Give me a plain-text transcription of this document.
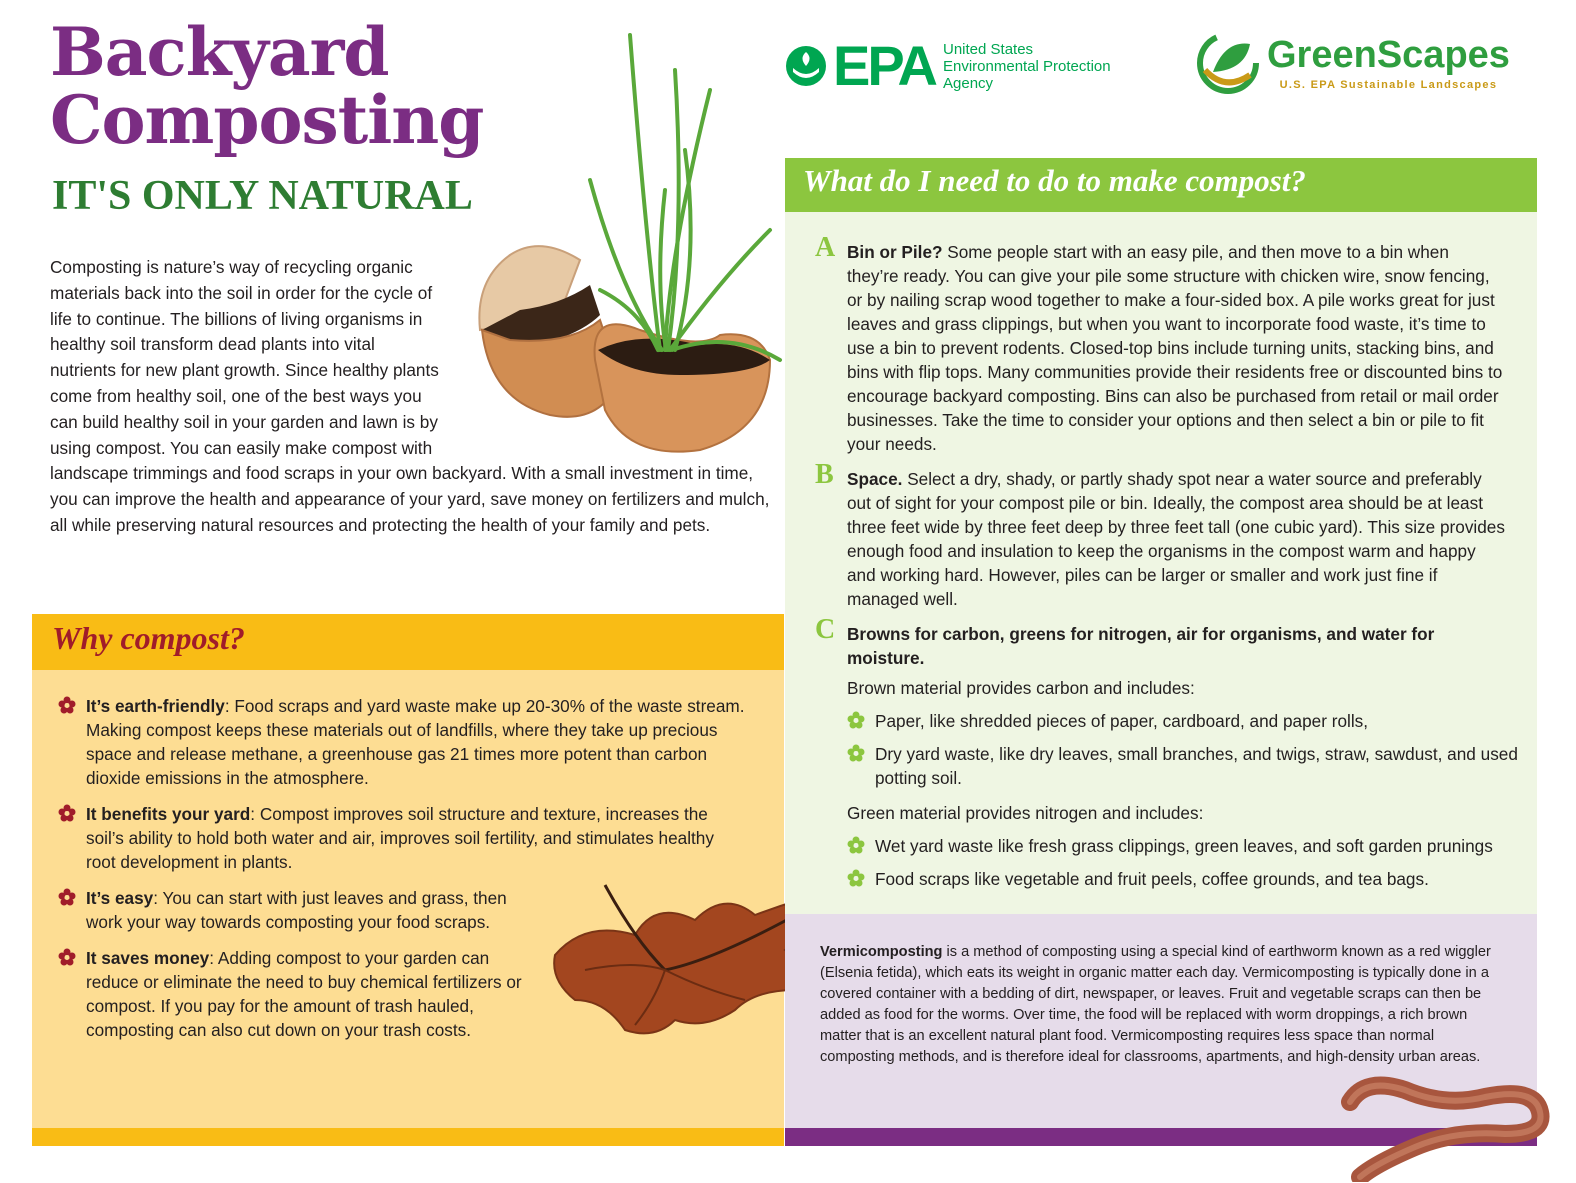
Backyard
Composting
IT'S ONLY NATURAL
EPA United States
Environmental Protection
Agency
GreenScapes
U.S. EPA Sustainable Landscapes

Composting is nature’s way of recycling organic materials back into the soil in order for the cycle of life to continue. The billions of living organisms in healthy soil transform dead plants into vital nutrients for new plant growth. Since healthy plants come from healthy soil, one of the best ways you can build healthy soil in your garden and lawn is by using compost. You can easily make compost with landscape trimmings and food scraps in your own backyard. With a small investment in time, you can improve the health and appearance of your yard, save money on fertilizers and mulch, all while preserving natural resources and protecting the health of your family and pets.

Why compost?
It’s earth-friendly: Food scraps and yard waste make up 20-30% of the waste stream. Making compost keeps these materials out of landfills, where they take up precious space and release methane, a greenhouse gas 21 times more potent than carbon dioxide emissions in the atmosphere.
It benefits your yard: Compost improves soil structure and texture, increases the soil’s ability to hold both water and air, improves soil fertility, and stimulates healthy root development in plants.
It’s easy: You can start with just leaves and grass, then work your way towards composting your food scraps.
It saves money: Adding compost to your garden can reduce or eliminate the need to buy chemical fertilizers or compost. If you pay for the amount of trash hauled, composting can also cut down on your trash costs.
What do I need to do to make compost?
A Bin or Pile? Some people start with an easy pile, and then move to a bin when they’re ready. You can give your pile some structure with chicken wire, snow fencing, or by nailing scrap wood together to make a four-sided box. A pile works great for just leaves and grass clippings, but when you want to incorporate food waste, it’s time to use a bin to prevent rodents. Closed-top bins include turning units, stacking bins, and bins with flip tops. Many communities provide their residents free or discounted bins to encourage backyard composting. Bins can also be purchased from retail or mail order businesses. Take the time to consider your options and then select a bin or pile to fit your needs.
B Space. Select a dry, shady, or partly shady spot near a water source and preferably out of sight for your compost pile or bin. Ideally, the compost area should be at least three feet wide by three feet deep by three feet tall (one cubic yard). This size provides enough food and insulation to keep the organisms in the compost warm and happy and working hard. However, piles can be larger or smaller and work just fine if managed well.
C Browns for carbon, greens for nitrogen, air for organisms, and water for moisture.

Brown material provides carbon and includes:

Paper, like shredded pieces of paper, cardboard, and paper rolls,
Dry yard waste, like dry leaves, small branches, and twigs, straw, sawdust, and used potting soil.

Green material provides nitrogen and includes:

Wet yard waste like fresh grass clippings, green leaves, and soft garden prunings
Food scraps like vegetable and fruit peels, coffee grounds, and tea bags.

Vermicomposting is a method of composting using a special kind of earthworm known as a red wiggler (Elsenia fetida), which eats its weight in organic matter each day. Vermicomposting is typically done in a covered container with a bedding of dirt, newspaper, or leaves. Fruit and vegetable scraps can then be added as food for the worms. Over time, the food will be replaced with worm droppings, a rich brown matter that is an excellent natural plant food. Vermicomposting requires less space than normal composting methods, and is therefore ideal for classrooms, apartments, and high-density urban areas.
